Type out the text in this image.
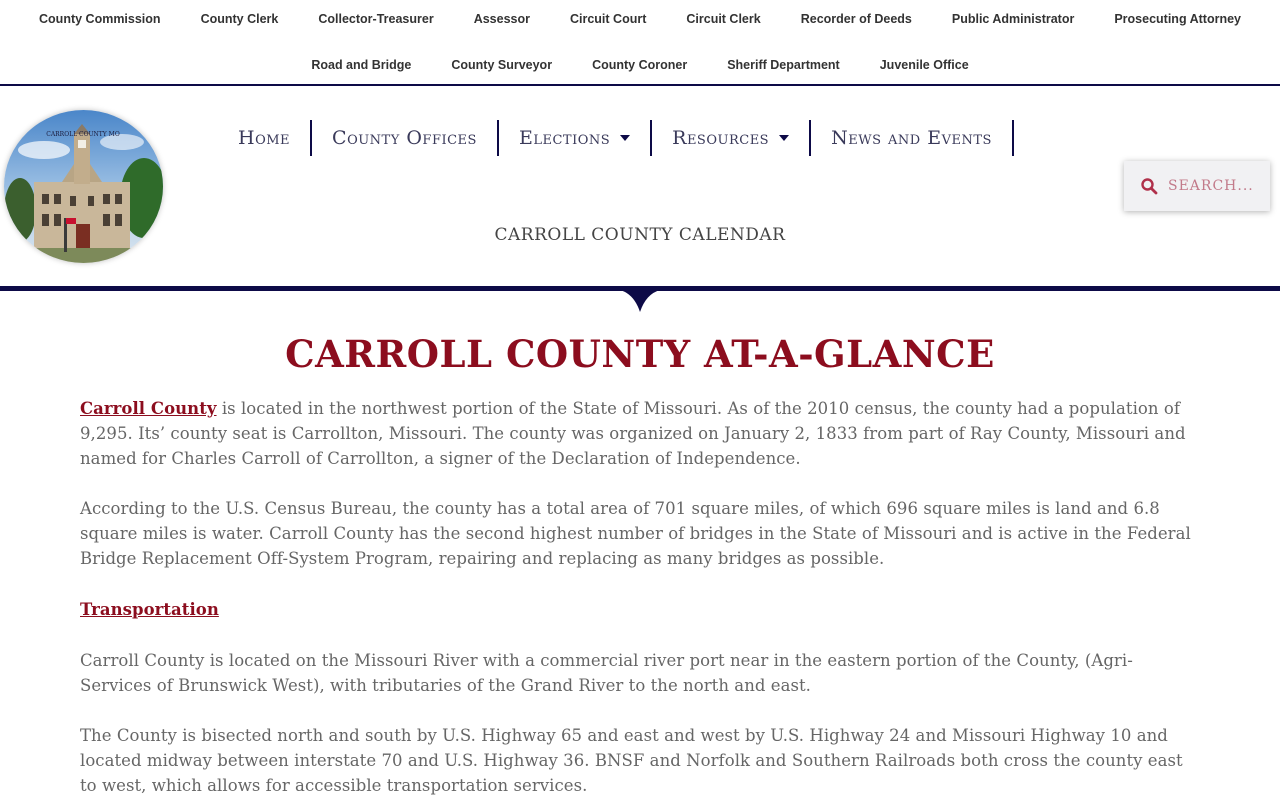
County Commission	County Clerk	Collector-Treasurer	Assessor	Circuit Court	Circuit Clerk	Recorder of Deeds	Public Administrator	Prosecuting Attorney
Road and Bridge	County Surveyor	County Coroner	Sheriff Department	Juvenile Office
CARROLL COUNTY MO	Home	County Offices	Elections	Resources	News and Events
CARROLL COUNTY CALENDAR
SEARCH...
CARROLL COUNTY AT-A-GLANCE

Carroll County is located in the northwest portion of the State of Missouri. As of the 2010 census, the county had a population of 9,295. Its’ county seat is Carrollton, Missouri. The county was organized on January 2, 1833 from part of Ray County, Missouri and named for Charles Carroll of Carrollton, a signer of the Declaration of Independence.

According to the U.S. Census Bureau, the county has a total area of 701 square miles, of which 696 square miles is land and 6.8 square miles is water. Carroll County has the second highest number of bridges in the State of Missouri and is active in the Federal Bridge Replacement Off-System Program, repairing and replacing as many bridges as possible.

Transportation

Carroll County is located on the Missouri River with a commercial river port near in the eastern portion of the County, (Agri-Services of Brunswick West), with tributaries of the Grand River to the north and east.

The County is bisected north and south by U.S. Highway 65 and east and west by U.S. Highway 24 and Missouri Highway 10 and located midway between interstate 70 and U.S. Highway 36. BNSF and Norfolk and Southern Railroads both cross the county east to west, which allows for accessible transportation services.
